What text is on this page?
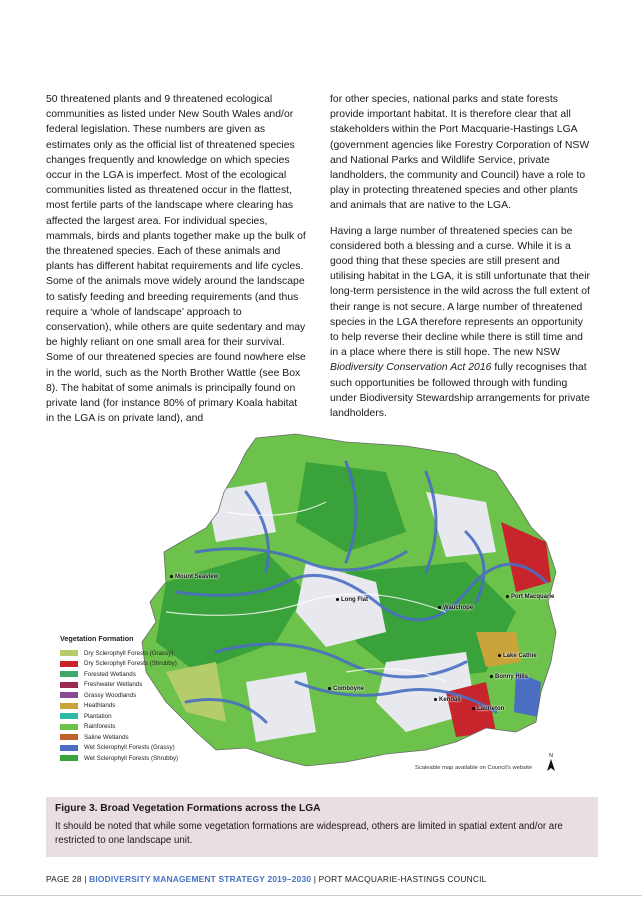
50 threatened plants and 9 threatened ecological communities as listed under New South Wales and/or federal legislation. These numbers are given as estimates only as the official list of threatened species changes frequently and knowledge on which species occur in the LGA is imperfect. Most of the ecological communities listed as threatened occur in the flattest, most fertile parts of the landscape where clearing has affected the largest area. For individual species, mammals, birds and plants together make up the bulk of the threatened species. Each of these animals and plants has different habitat requirements and life cycles. Some of the animals move widely around the landscape to satisfy feeding and breeding requirements (and thus require a ‘whole of landscape’ approach to conservation), while others are quite sedentary and may be highly reliant on one small area for their survival. Some of our threatened species are found nowhere else in the world, such as the North Brother Wattle (see Box 8). The habitat of some animals is principally found on private land (for instance 80% of primary Koala habitat in the LGA is on private land), and

for other species, national parks and state forests provide important habitat. It is therefore clear that all stakeholders within the Port Macquarie-Hastings LGA (government agencies like Forestry Corporation of NSW and National Parks and Wildlife Service, private landholders, the community and Council) have a role to play in protecting threatened species and other plants and animals that are native to the LGA.

Having a large number of threatened species can be considered both a blessing and a curse. While it is a good thing that these species are still present and utilising habitat in the LGA, it is still unfortunate that their long-term persistence in the wild across the full extent of their range is not secure. A large number of threatened species in the LGA therefore represents an opportunity to help reverse their decline while there is still time and in a place where there is still hope. The new NSW Biodiversity Conservation Act 2016 fully recognises that such opportunities be followed through with funding under Biodiversity Stewardship arrangements for private landholders.

Mount Seaview
Long Flat
Wauchope
Port Macquarie
Lake Cathie
Bonny Hills
Comboyne
Kendall
Laurieton
Vegetation Formation
Dry Sclerophyll Forests (Grassy)
Dry Sclerophyll Forests (Shrubby)
Forested Wetlands
Freshwater Wetlands
Grassy Woodlands
Heathlands
Plantation
Rainforests
Saline Wetlands
Wet Sclerophyll Forests (Grassy)
Wet Sclerophyll Forests (Shrubby)
Scaleable map available on Council's website
N
Figure 3. Broad Vegetation Formations across the LGA
It should be noted that while some vegetation formations are widespread, others are limited in spatial extent and/or are restricted to one landscape unit.
PAGE 28 | BIODIVERSITY MANAGEMENT STRATEGY 2019–2030 | PORT MACQUARIE-HASTINGS COUNCIL
